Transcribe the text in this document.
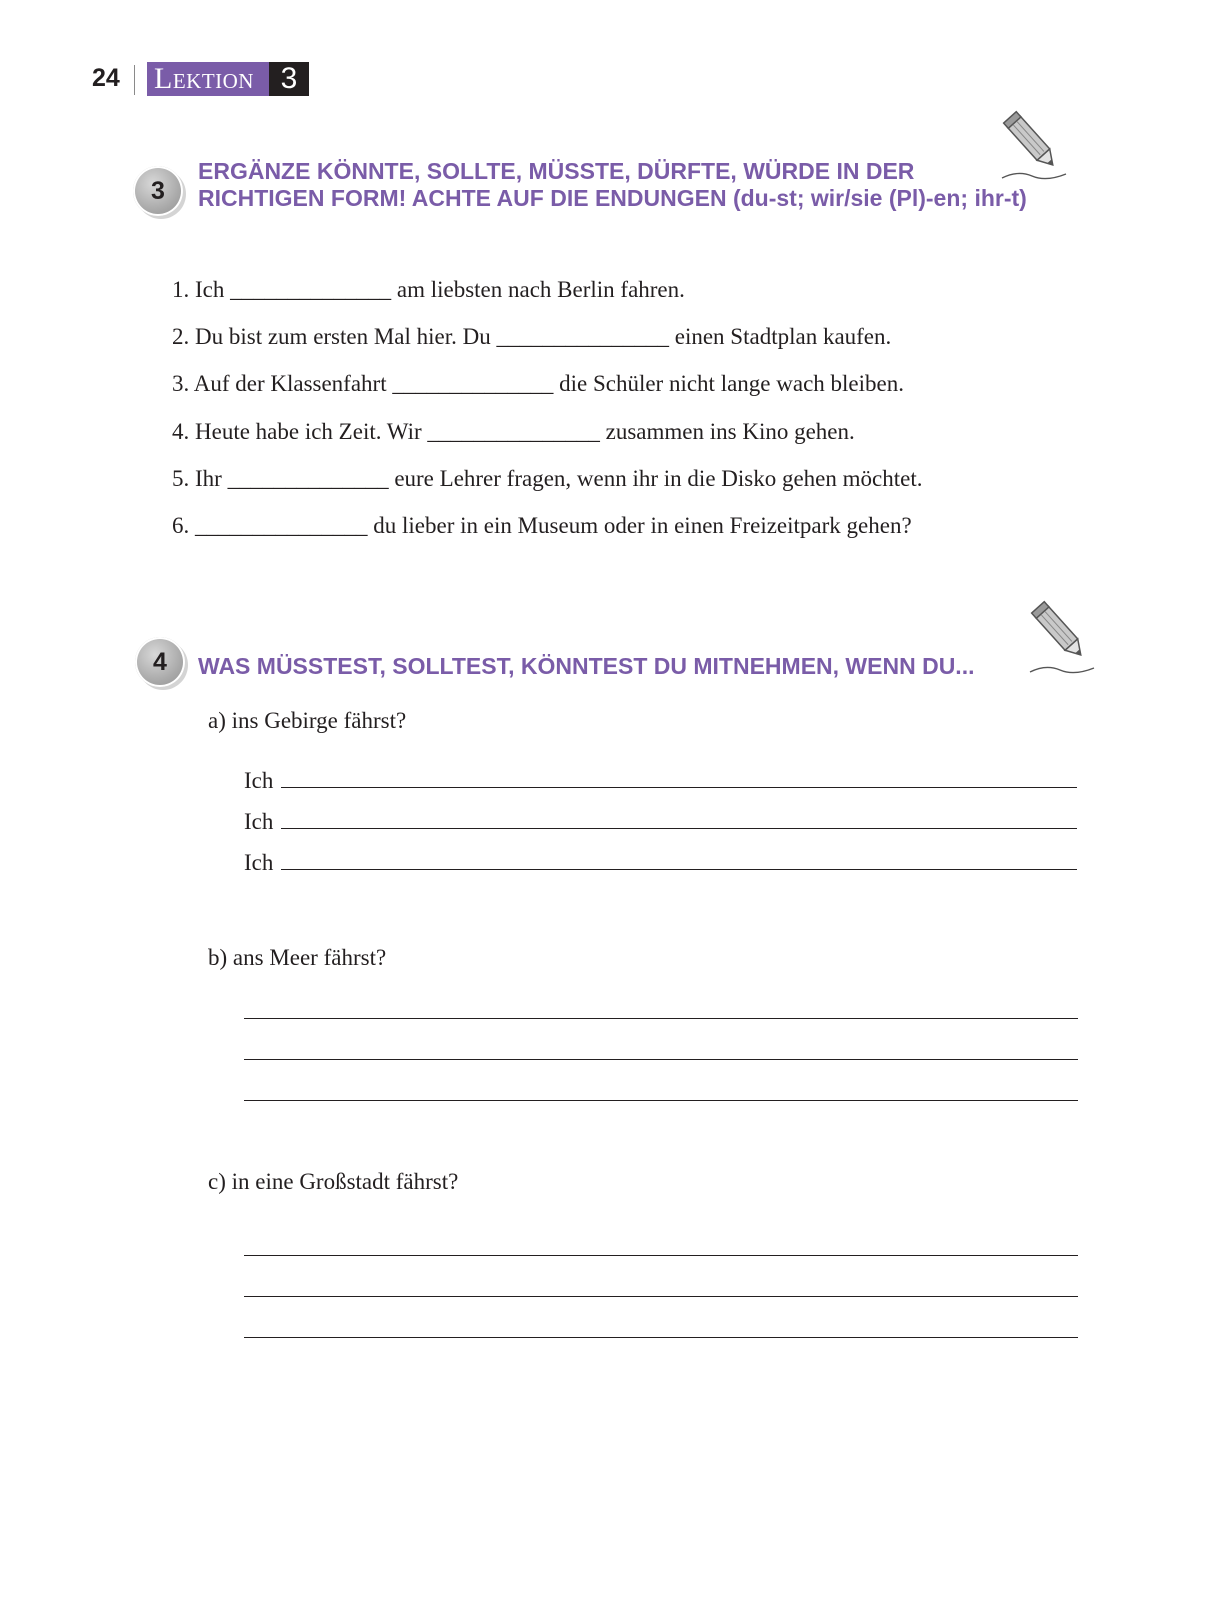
24 Lektion 3
3

ERGÄNZE KÖNNTE, SOLLTE, MÜSSTE, DÜRFTE, WÜRDE IN DER
RICHTIGEN FORM! ACHTE AUF DIE ENDUNGEN (du-st; wir/sie (Pl)-en; ihr-t)

1. Ich ______________ am liebsten nach Berlin fahren.
2. Du bist zum ersten Mal hier. Du _______________ einen Stadtplan kaufen.
3. Auf der Klassenfahrt ______________ die Schüler nicht lange wach bleiben.
4. Heute habe ich Zeit. Wir _______________ zusammen ins Kino gehen.
5. Ihr ______________ eure Lehrer fragen, wenn ihr in die Disko gehen möchtet.
6. _______________ du lieber in ein Museum oder in einen Freizeitpark gehen?
4	WAS MÜSSTEST, SOLLTEST, KÖNNTEST DU MITNEHMEN, WENN DU...

a) ins Gebirge fährst?

Ich
Ich
Ich

b) ans Meer fährst?

c) in eine Großstadt fährst?
